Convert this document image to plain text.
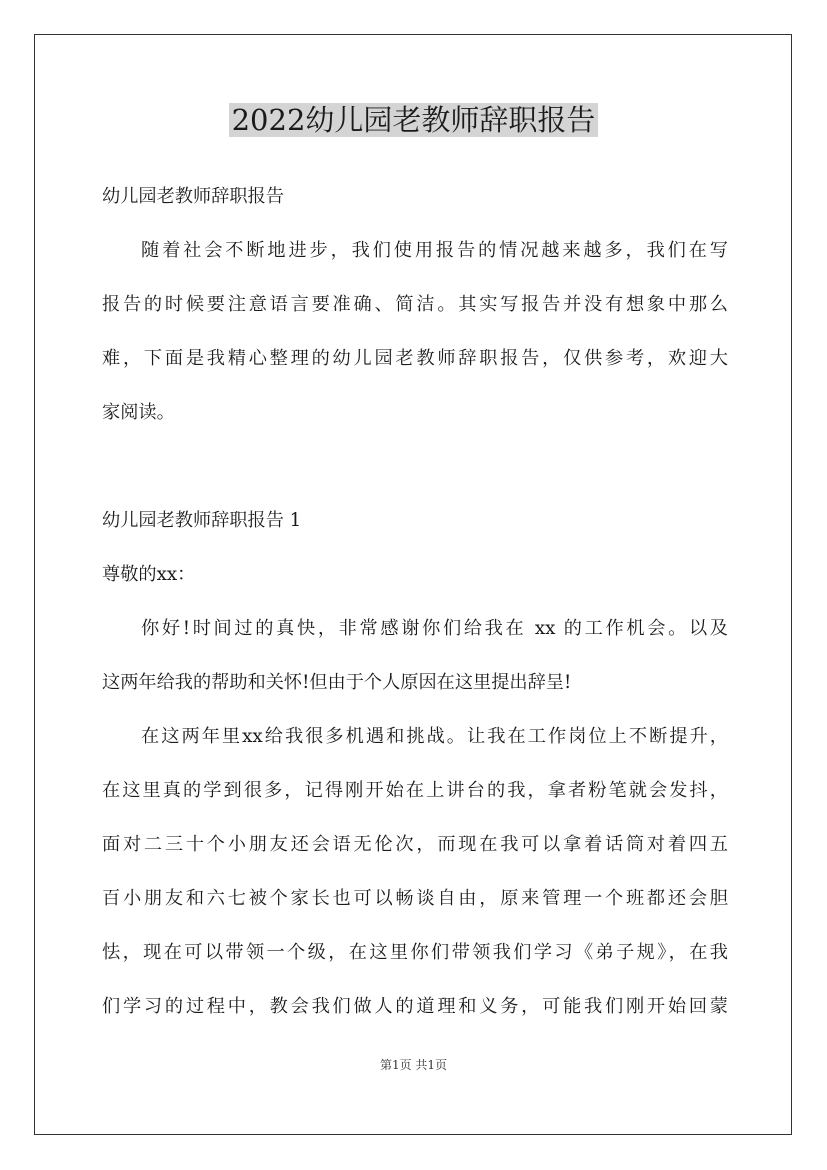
2022幼儿园老教师辞职报告
幼儿园老教师辞职报告
随着社会不断地进步，我们使用报告的情况越来越多，我们在写
报告的时候要注意语言要准确、简洁。其实写报告并没有想象中那么
难，下面是我精心整理的幼儿园老教师辞职报告，仅供参考，欢迎大
家阅读。
幼儿园老教师辞职报告 1
尊敬的xx：
你好!时间过的真快，非常感谢你们给我在 xx 的工作机会。以及
这两年给我的帮助和关怀!但由于个人原因在这里提出辞呈!
在这两年里xx给我很多机遇和挑战。让我在工作岗位上不断提升，
在这里真的学到很多，记得刚开始在上讲台的我，拿者粉笔就会发抖，
面对二三十个小朋友还会语无伦次，而现在我可以拿着话筒对着四五
百小朋友和六七被个家长也可以畅谈自由，原来管理一个班都还会胆
怯，现在可以带领一个级，在这里你们带领我们学习《弟子规》，在我
们学习的过程中，教会我们做人的道理和义务，可能我们刚开始回蒙
第1页 共1页
